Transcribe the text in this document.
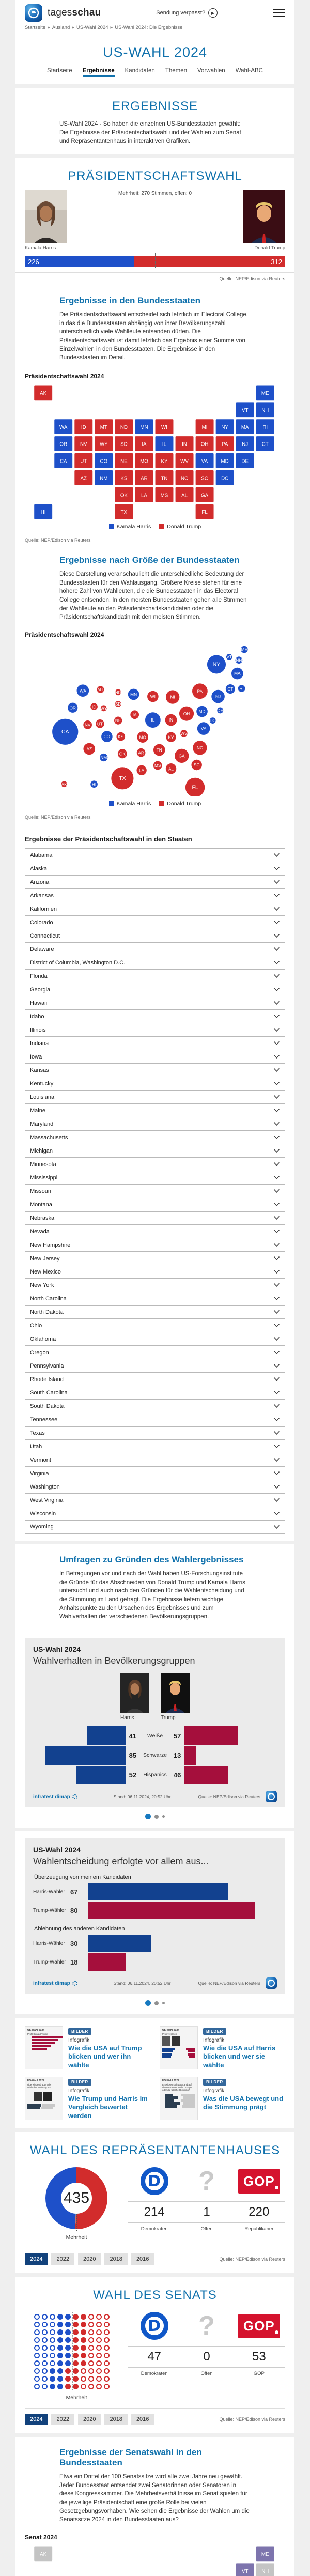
tagesschau	Sendung verpasst?	▶
Startseite ▸ Ausland ▸ US-Wahl 2024 ▸ US-Wahl 2024: Die Ergebnisse
US-WAHL 2024
Startseite Ergebnisse Kandidaten Themen Vorwahlen Wahl-ABC
ERGEBNISSE
US-Wahl 2024 - So haben die einzelnen US-Bundesstaaten gewählt: Die Ergebnisse der Präsidentschaftswahl und der Wahlen zum Senat und Repräsentantenhaus in interaktiven Grafiken.
PRÄSIDENTSCHAFTSWAHL
Kamala Harris
Mehrheit: 270 Stimmen, offen: 0
Donald Trump
226	312
Quelle: NEP/Edison via Reuters
Ergebnisse in den Bundesstaaten
Die Präsidentschaftswahl entscheidet sich letztlich im Electoral College, in das die Bundesstaaten abhängig von ihrer Bevölkerungszahl unterschiedlich viele Wahlleute entsenden dürfen. Die Präsidentschaftswahl ist damit letztlich das Ergebnis einer Summe von Einzelwahlen in den Bundesstaaten. Die Ergebnisse in den Bundesstaaten im Detail.
Präsidentschaftswahl 2024
AK	ME
VT	NH
WA	ID	MT	ND	MN	WI	MI	NY	MA	RI
OR	NV	WY	SD	IA	IL	IN	OH	PA	NJ	CT
CA	UT	CO	NE	MO	KY	WV	VA	MD	DE
AZ	NM	KS	AR	TN	NC	SC	DC
OK	LA	MS	AL	GA
HI	TX	FL
Kamala Harris	Donald Trump
Quelle: NEP/Edison via Reuters
Ergebnisse nach Größe der Bundesstaaten
Diese Darstellung veranschaulicht die unterschiedliche Bedeutung der Bundesstaaten für den Wahlausgang. Größere Kreise stehen für eine höhere Zahl von Wahlleuten, die die Bundesstaaten in das Electoral College entsenden. In den meisten Bundesstaaten gehen alle Stimmen der Wahlleute an den Präsidentschaftskandidaten oder die Präsidentschaftskandidatin mit den meisten Stimmen.
Präsidentschaftswahl 2024
WA
OR
CA
NV
ID
UT
AZ
MT
WY
NM
CO
ND
SD
NE
KS
OK
TX
MN
IA
MO
AR
LA
WI
IL
MS
MI
IN
KY
TN
AL
OH
WV
GA
FL
SC
NC
VA
PA
NY
MD
DC
DE
NJ
CT RI
MA
VT
NH
ME
AK	HI
Kamala Harris	Donald Trump
Quelle: NEP/Edison via Reuters
Ergebnisse der Präsidentschaftswahl in den Staaten
Alabama
Alaska
Arizona
Arkansas
Kalifornien
Colorado
Connecticut
Delaware
District of Columbia, Washington D.C.
Florida
Georgia
Hawaii
Idaho
Illinois
Indiana
Iowa
Kansas
Kentucky
Louisiana
Maine
Maryland
Massachusetts
Michigan
Minnesota
Mississippi
Missouri
Montana
Nebraska
Nevada
New Hampshire
New Jersey
New Mexico
New York
North Carolina
North Dakota
Ohio
Oklahoma
Oregon
Pennsylvania
Rhode Island
South Carolina
South Dakota
Tennessee
Texas
Utah
Vermont
Virginia
Washington
West Virginia
Wisconsin
Wyoming
Umfragen zu Gründen des Wahlergebnisses
In Befragungen vor und nach der Wahl haben US-Forschungsinstitute die Gründe für das Abschneiden von Donald Trump und Kamala Harris untersucht und auch nach den Gründen für die Wahlentscheidung und die Stimmung im Land gefragt. Die Ergebnisse liefern wichtige Anhaltspunkte zu den Ursachen des Ergebnisses und zum Wahlverhalten der verschiedenen Bevölkerungsgruppen.
US-Wahl 2024
Wahlverhalten in Bevölkerungsgruppen
Harris	Trump
41	Weiße	57
85	Schwarze 13
52	Hispanics	46
infratest dimap	Stand: 06.11.2024, 20:52 Uhr	Quelle: NEP/Edison via Reuters
US-Wahl 2024
Wahlentscheidung erfolgte vor allem aus...
Überzeugung von meinem Kandidaten
Harris-Wähler 67
Trump-Wähler 80
Ablehnung des anderen Kandidaten
Harris-Wähler 30
Trump-Wähler 18
infratest dimap	Stand: 06.11.2024, 20:52 Uhr	Quelle: NEP/Edison via Reuters
US-Wahl 2024
Profil Donald Trump
BILDER
Infografik
Wie die USA auf Trump blicken und wer ihn wählte
US-Wahl 2024
Profilvergleich
BILDER
Infografik
Wie die USA auf Harris blicken und wer sie wählte
US-Wahl 2024
Überwiegend gute oder schlechte Meinung von...
BILDER
Infografik
Wie Trump und Harris im Vergleich bewertet werden
US-Wahl 2024
Entwickelt sich das Land auf diesem Gebiet in die richtige oder die falsche Richtung?
BILDER
Infografik
Was die USA bewegt und die Stimmung prägt
WAHL DES REPRÄSENTANTENHAUSES
435
Mehrheit
D
214
Demokraten
?
1
Offen
GOP
220
Republikaner
2024	2022	2020	2018	2016	Quelle: NEP/Edison via Reuters
WAHL DES SENATS
Mehrheit
D
47
Demokraten
?
0
Offen
GOP
53
GOP
2024	2022	2020	2018	2016	Quelle: NEP/Edison via Reuters
Ergebnisse der Senatswahl in den Bundesstaaten
Etwa ein Drittel der 100 Senatssitze wird alle zwei Jahre neu gewählt. Jeder Bundesstaat entsendet zwei Senatorinnen oder Senatoren in diese Kongresskammer. Die Mehrheitsverhältnisse im Senat spielen für die jeweilige Präsidentschaft eine große Rolle bei vielen Gesetzgebungsvorhaben. Wie sehen die Ergebnisse der Wahlen um die Senatssitze 2024 in den Bundesstaaten aus?
Senat 2024
AK	ME
VT	NH
